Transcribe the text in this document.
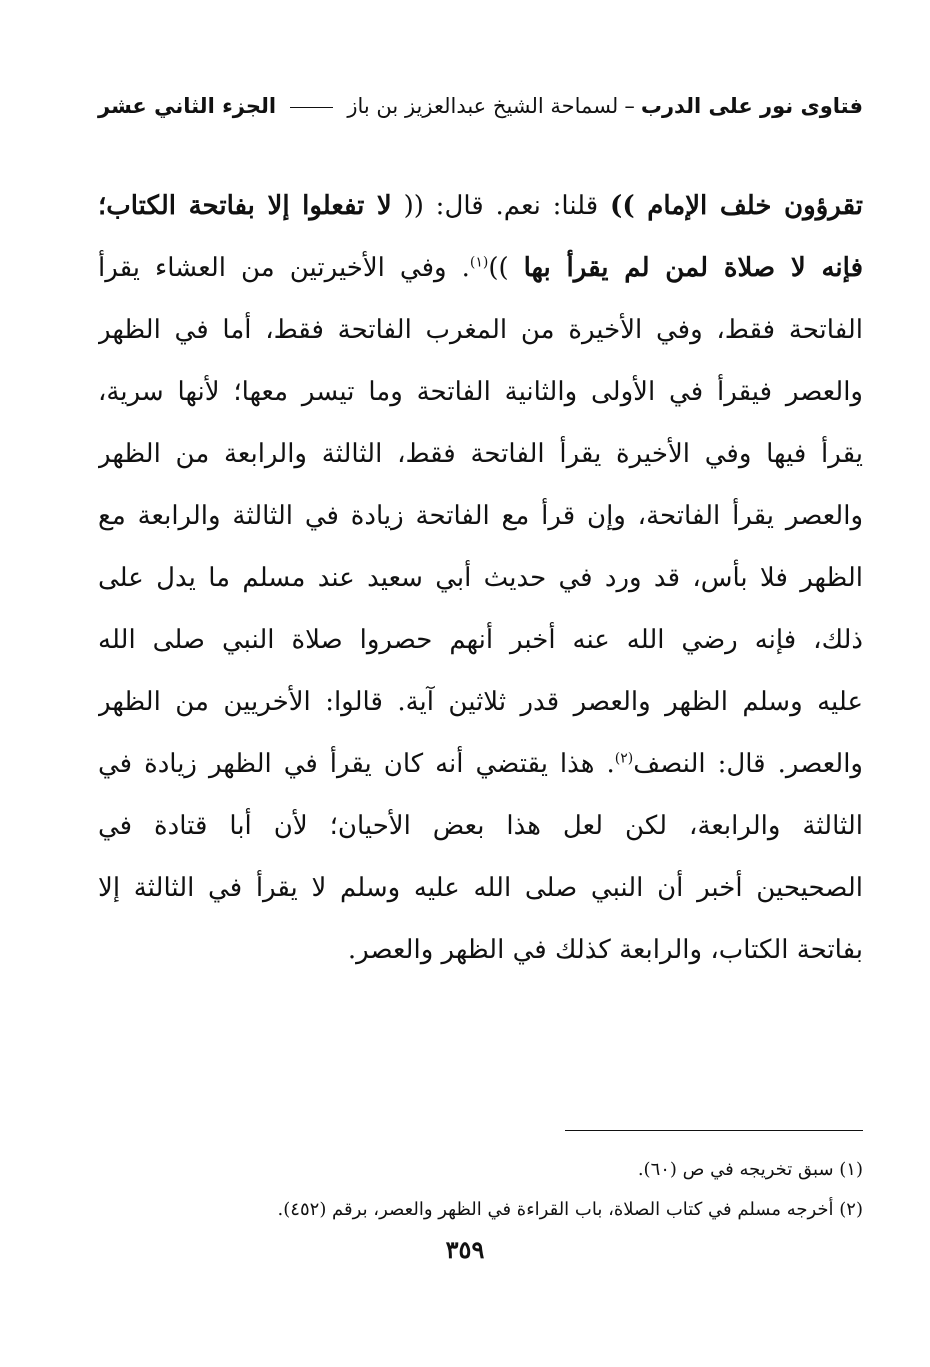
فتاوى نور على الدرب
–
لسماحة الشيخ عبدالعزيز بن باز
الجزء الثاني عشر
تقرؤون خلف الإمام )) قلنا: نعم. قال: (( لا تفعلوا إلا بفاتحة الكتاب؛
فإنه لا صلاة لمن لم يقرأ بها ))$^{(١)}$. وفي الأخيرتين من العشاء يقرأ
الفاتحة فقط، وفي الأخيرة من المغرب الفاتحة فقط، أما في الظهر
والعصر فيقرأ في الأولى والثانية الفاتحة وما تيسر معها؛ لأنها سرية،
يقرأ فيها وفي الأخيرة يقرأ الفاتحة فقط، الثالثة والرابعة من الظهر
والعصر يقرأ الفاتحة، وإن قرأ مع الفاتحة زيادة في الثالثة والرابعة مع
الظهر فلا بأس، قد ورد في حديث أبي سعيد عند مسلم ما يدل على
ذلك، فإنه رضي الله عنه أخبر أنهم حصروا صلاة النبي صلى الله
عليه وسلم الظهر والعصر قدر ثلاثين آية. قالوا: الأخريين من الظهر
والعصر. قال: النصف$^{(٢)}$. هذا يقتضي أنه كان يقرأ في الظهر زيادة في
الثالثة والرابعة، لكن لعل هذا بعض الأحيان؛ لأن أبا قتادة في
الصحيحين أخبر أن النبي صلى الله عليه وسلم لا يقرأ في الثالثة إلا
بفاتحة الكتاب، والرابعة كذلك في الظهر والعصر.
(١) سبق تخريجه في ص (٦٠).
(٢) أخرجه مسلم في كتاب الصلاة، باب القراءة في الظهر والعصر، برقم (٤٥٢).
٣٥٩
